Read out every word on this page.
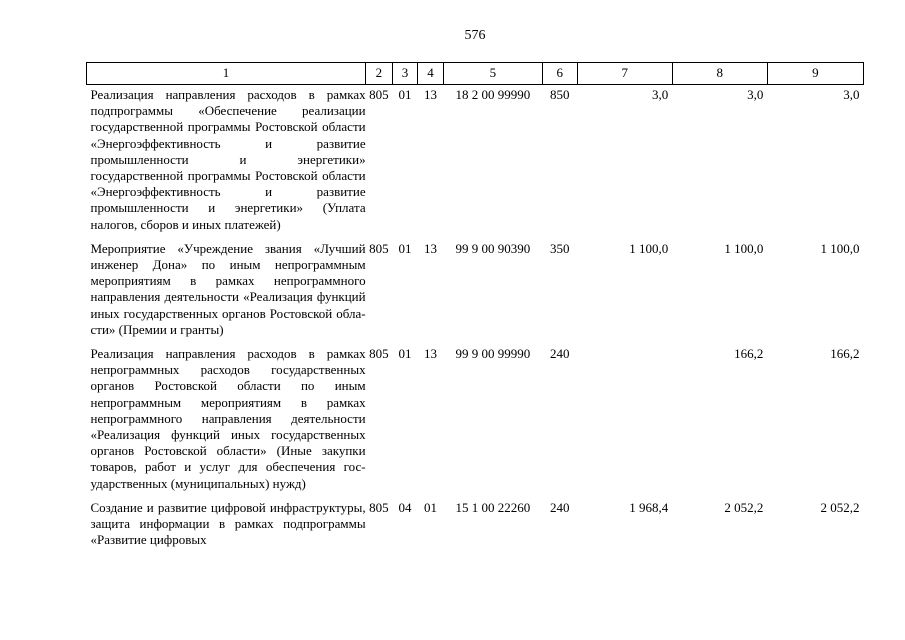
576
1	2	3	4	5	6	7	8	9
Реализация направления расходов в рамках подпрограммы «Обеспечение реализации государственной программы Ростовской области «Энергоэффективность и развитие промышленности и энергетики» государственной программы Ростовской области «Энергоэффективность и развитие промышленности и энергетики» (Уплата налогов, сборов и иных платежей)	805	01	13	18 2 00 99990	850	3,0	3,0	3,0
Мероприятие «Учреждение звания «Лучший инженер Дона» по иным непрограммным мероприятиям в рамках непрограммного направления деятельности «Реализация функций иных государственных органов Ростовской области» (Премии и гранты)	805	01	13	99 9 00 90390	350	1 100,0	1 100,0	1 100,0
Реализация направления расходов в рамках непрограммных расходов государственных органов Ростовской области по иным непрограммным мероприятиям в рамках непрограммного направления деятельности «Реализация функций иных государственных органов Ростовской области» (Иные закупки товаров, работ и услуг для обеспечения государственных (муниципальных) нужд)	805	01	13	99 9 00 99990	240		166,2	166,2
Создание и развитие цифровой инфраструктуры, защита информации в рамках подпрограммы «Развитие цифровых	805	04	01	15 1 00 22260	240	1 968,4	2 052,2	2 052,2
